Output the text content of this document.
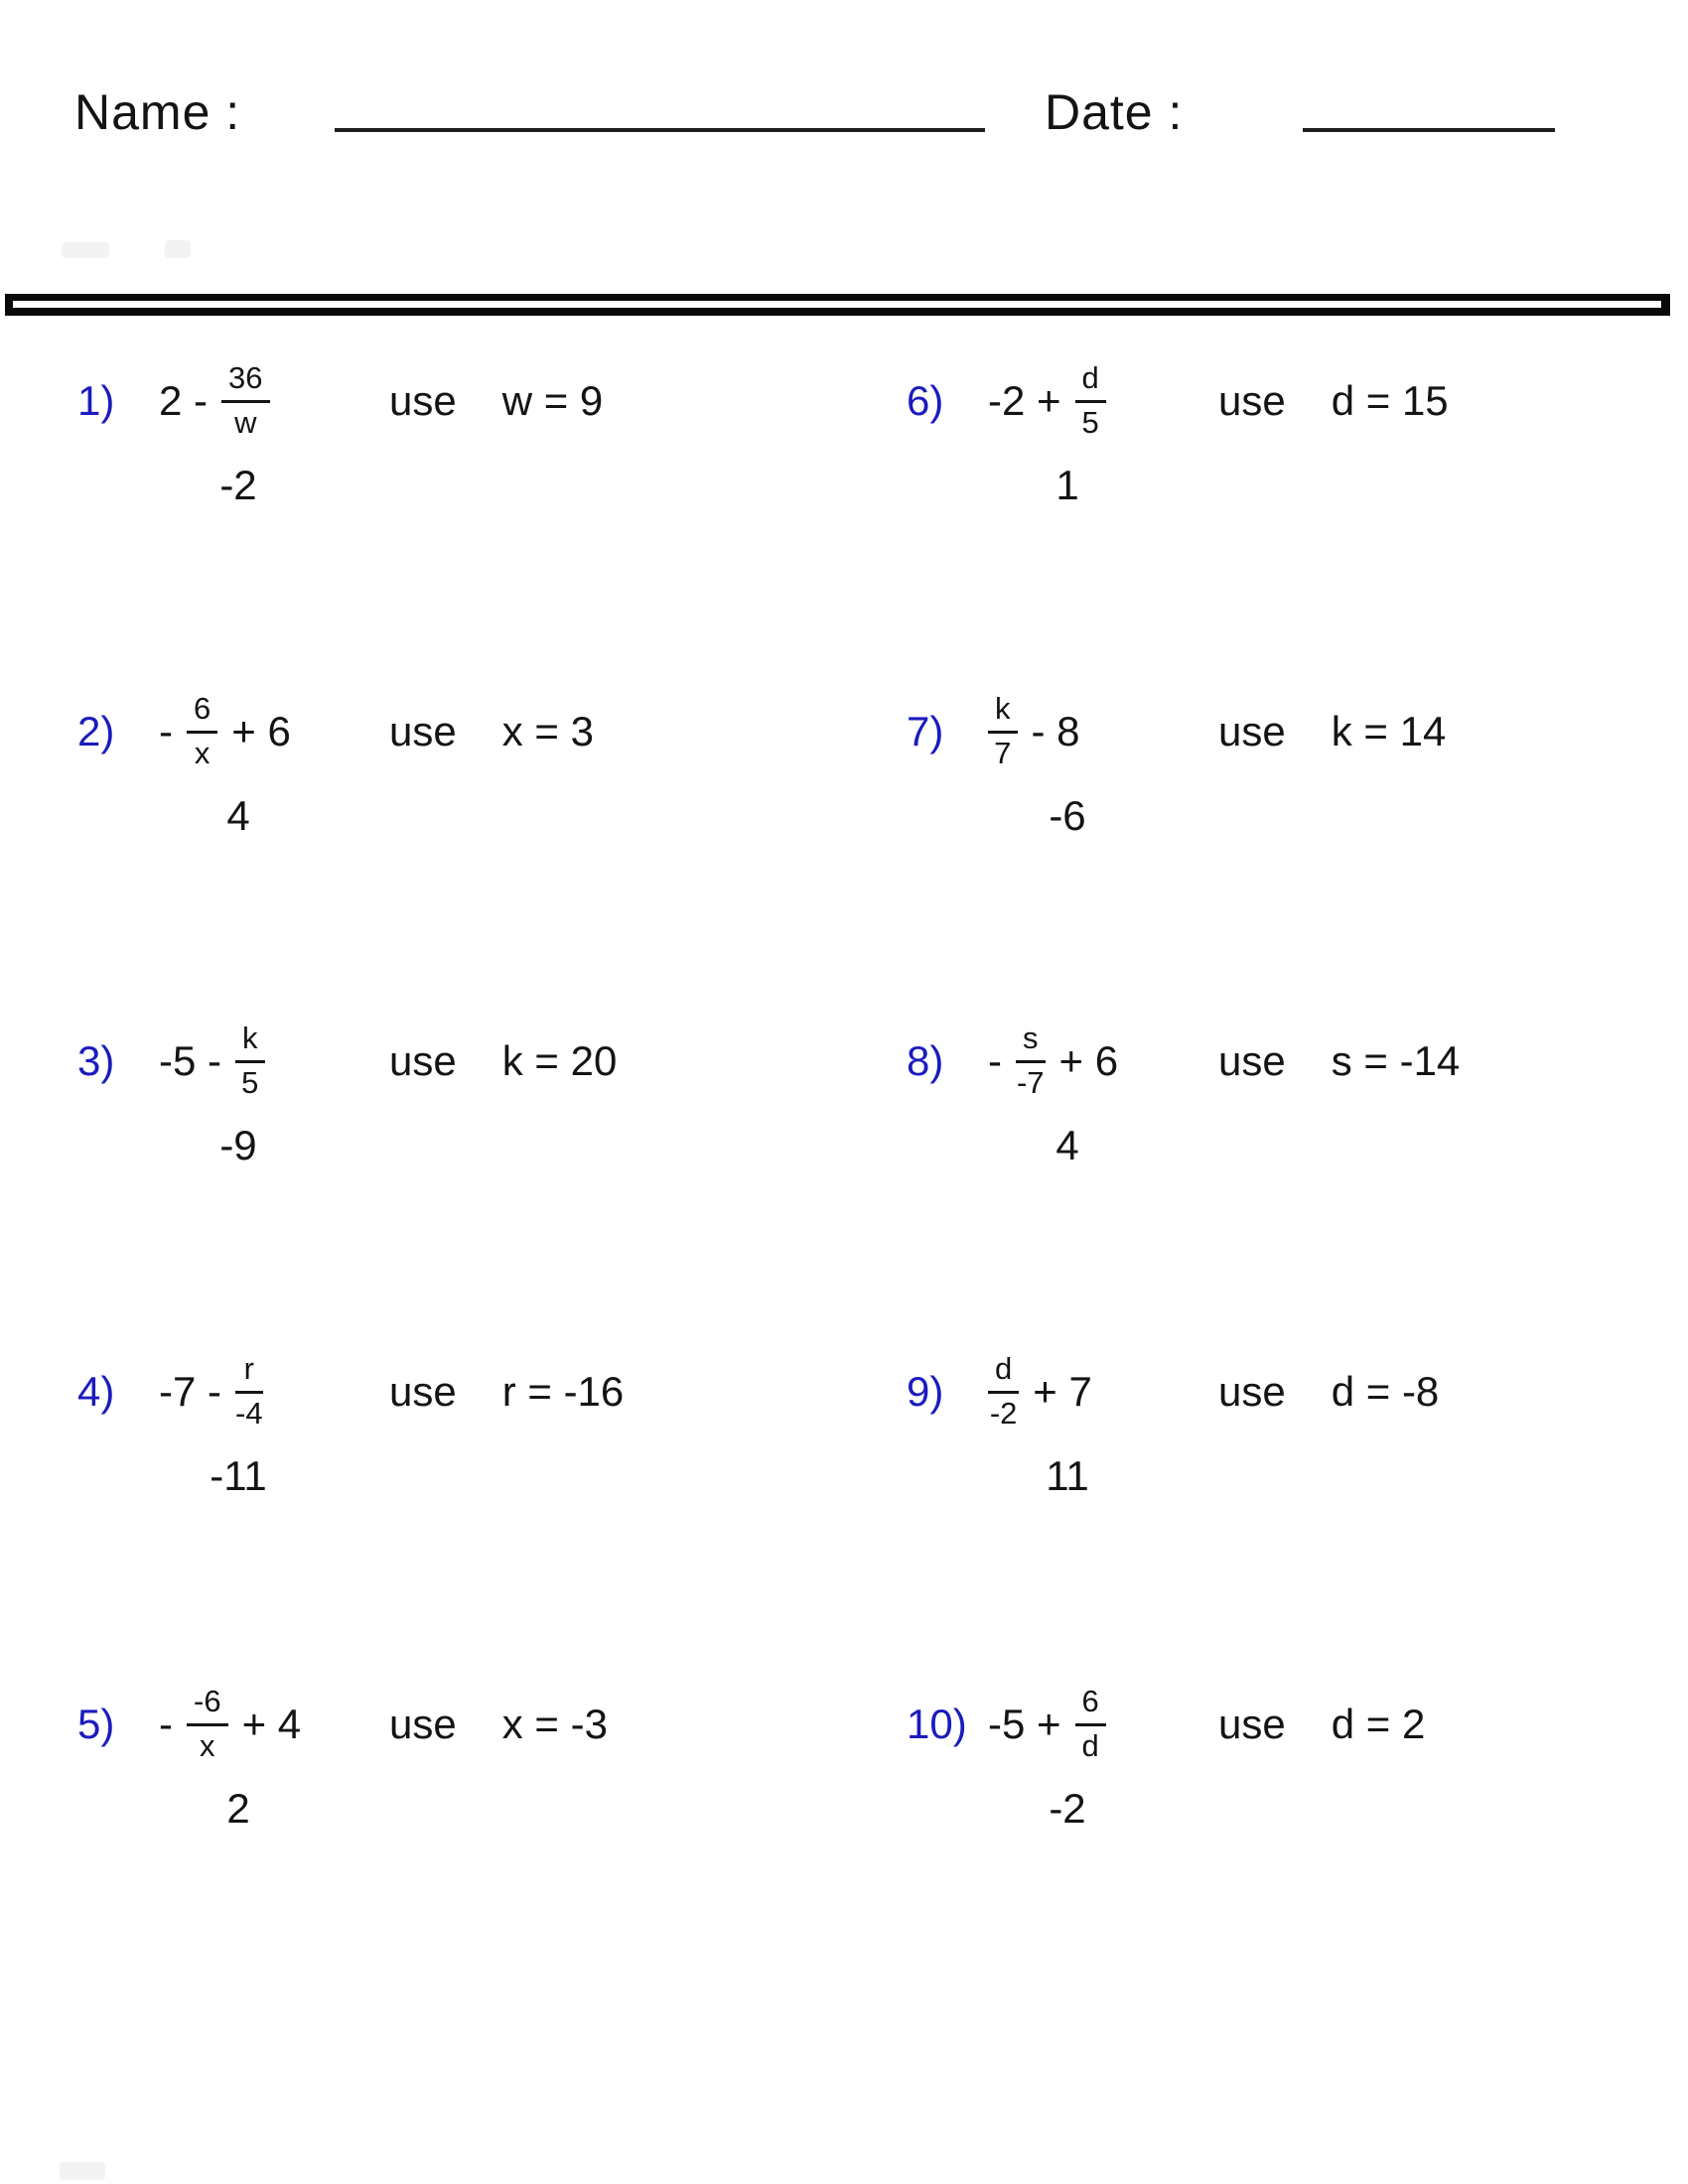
Name :	Date :
1)	$2 - \frac{36}{w}$	use w = 9
-2
2)	- $\frac{6}{x} + 6$ use x = 3
4
3)	$-5 - \frac{k}{5}$	use k = 20
-9
4)	$-7 - \frac{r}{-4}$	use r = -16
-11
5)	- $\frac{-6}{x} + 4$ use x = -3
2
6)	$-2 + \frac{d}{5}$	use d = 15
1
7)	$\frac{k}{7} - 8$	use k = 14
-6
8)	- $\frac{s}{-7} + 6$ use s = -14
4
9)	$\frac{d}{-2} + 7$	use d = -8
11
10) $-5 + \frac{6}{d}$	use d = 2
-2
